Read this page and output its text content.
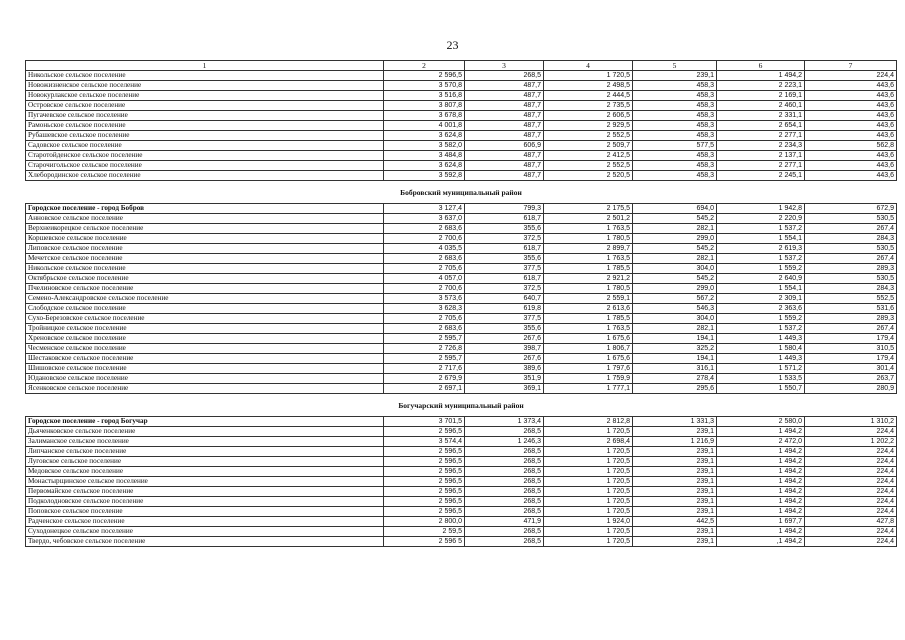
23
1	2	3	4	5	6	7
Никольское сельское поселение	2 596,5	268,5	1 720,5	239,1	1 494,2	224,4
Новожизненское сельское поселение	3 570,8	487,7	2 498,5	458,3	2 223,1	443,6
Новокурлакское сельское поселение	3 516,8	487,7	2 444,5	458,3	2 169,1	443,6
Островское сельское поселение	3 807,8	487,7	2 735,5	458,3	2 460,1	443,6
Пугачевское сельское поселение	3 678,8	487,7	2 606,5	458,3	2 331,1	443,6
Рамоньское сельское поселение	4 001,8	487,7	2 929,5	458,3	2 654,1	443,6
Рубашевское сельское поселение	3 624,8	487,7	2 552,5	458,3	2 277,1	443,6
Садовское сельское поселение	3 582,0	606,9	2 509,7	577,5	2 234,3	562,8
Старотойденское сельское поселение	3 484,8	487,7	2 412,5	458,3	2 137,1	443,6
Старочигольское сельское поселение	3 624,8	487,7	2 552,5	458,3	2 277,1	443,6
Хлебородинское сельское поселение	3 592,8	487,7	2 520,5	458,3	2 245,1	443,6
Бобровский муниципальный район						
Городское поселение - город Бобров	3 127,4	799,3	2 175,5	694,0	1 942,8	672,9
Анновское сельское поселение	3 637,0	618,7	2 501,2	545,2	2 220,9	530,5
Верхнеикорецкое сельское поселение	2 683,6	355,6	1 763,5	282,1	1 537,2	267,4
Коршевское сельское поселение	2 700,6	372,5	1 780,5	299,0	1 554,1	284,3
Липовское сельское поселение	4 035,5	618,7	2 899,7	545,2	2 619,3	530,5
Мечетское сельское поселение	2 683,6	355,6	1 763,5	282,1	1 537,2	267,4
Никольское сельское поселение	2 705,6	377,5	1 785,5	304,0	1 559,2	289,3
Октябрьское сельское поселение	4 057,0	618,7	2 921,2	545,2	2 640,9	530,5
Пчелиновское сельское поселение	2 700,6	372,5	1 780,5	299,0	1 554,1	284,3
Семено-Александровское сельское поселение	3 573,6	640,7	2 559,1	567,2	2 309,1	552,5
Слободское сельское поселение	3 628,3	619,8	2 613,6	546,3	2 363,6	531,6
Сухо-Березовское сельское поселение	2 705,6	377,5	1 785,5	304,0	1 559,2	289,3
Тройницкое сельское поселение	2 683,6	355,6	1 763,5	282,1	1 537,2	267,4
Хреновское сельское поселение	2 595,7	267,6	1 675,6	194,1	1 449,3	179,4
Чесменское сельское поселение	2 726,8	398,7	1 806,7	325,2	1 580,4	310,5
Шестаковское сельское поселение	2 595,7	267,6	1 675,6	194,1	1 449,3	179,4
Шишовское сельское поселение	2 717,6	389,6	1 797,6	316,1	1 571,2	301,4
Юдановское сельское поселение	2 679,9	351,9	1 759,9	278,4	1 533,5	263,7
Ясенковское сельское поселение	2 697,1	369,1	1 777,1	295,6	1 550,7	280,9
Богучарский муниципальный район						
Городское поселение - город Богучар	3 701,5	1 373,4	2 812,8	1 331,3	2 580,0	1 310,2
Дьяченковское сельское поселение	2 596,5	268,5	1 720,5	239,1	1 494,2	224,4
Залиманское сельское поселение	3 574,4	1 246,3	2 698,4	1 216,9	2 472,0	1 202,2
Липчанское сельское поселение	2 596,5	268,5	1 720,5	239,1	1 494,2	224,4
Луговское сельское поселение	2 596,5	268,5	1 720,5	239,1	1 494,2	224,4
Медовское сельское поселение	2 596,5	268,5	1 720,5	239,1	1 494,2	224,4
Монастырщинское сельское поселение	2 596,5	268,5	1 720,5	239,1	1 494,2	224,4
Первомайское сельское поселение	2 596,5	268,5	1 720,5	239,1	1 494,2	224,4
Подколодновское сельское поселение	2 596,5	268,5	1 720,5	239,1	1 494,2	224,4
Поповское сельское поселение	2 596,5	268,5	1 720,5	239,1	1 494,2	224,4
Радченское сельское поселение	2 800,0	471,9	1 924,0	442,5	1 697,7	427,8
Суходонецкое сельское поселение	2 59,5	268,5	1 720,5	239,1	1 494,2	224,4
Твердо, чебовское сельское поселение	2 596 5	268,5	1 720,5	239,1	,1 494,2	224,4
